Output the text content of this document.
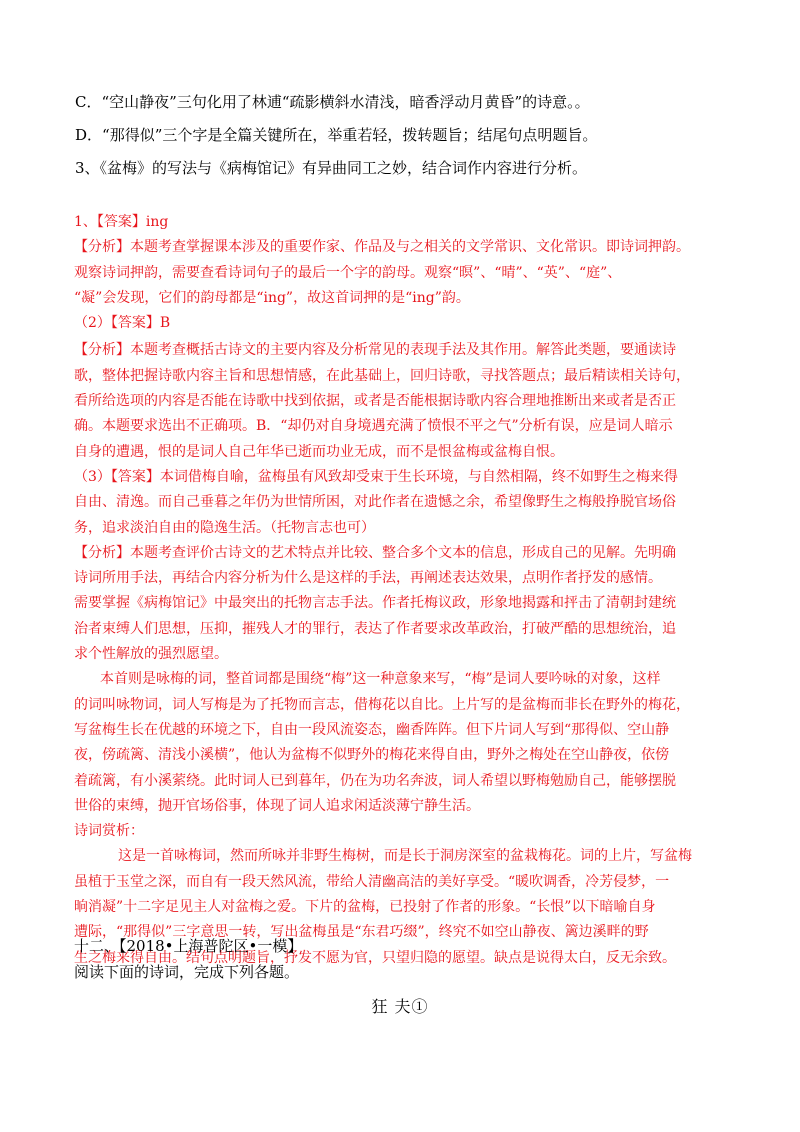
C．“空山静夜”三句化用了林逋“疏影横斜水清浅，暗香浮动月黄昏”的诗意。。

D．“那得似”三个字是全篇关键所在，举重若轻，拨转题旨；结尾句点明题旨。

3、《盆梅》的写法与《病梅馆记》有异曲同工之妙，结合词作内容进行分析。

1、【答案】ing

【分析】本题考查掌握课本涉及的重要作家、作品及与之相关的文学常识、文化常识。即诗词押韵。

观察诗词押韵，需要查看诗词句子的最后一个字的韵母。观察“暝”、“晴”、“英”、“庭”、

“凝”会发现，它们的韵母都是“ing”，故这首词押的是“ing”韵。

（2）【答案】B

【分析】本题考查概括古诗文的主要内容及分析常见的表现手法及其作用。解答此类题，要通读诗

歌，整体把握诗歌内容主旨和思想情感，在此基础上，回归诗歌，寻找答题点；最后精读相关诗句，

看所给选项的内容是否能在诗歌中找到依据，或者是否能根据诗歌内容合理地推断出来或者是否正

确。本题要求选出不正确项。B．“却仍对自身境遇充满了愤恨不平之气”分析有误，应是词人暗示

自身的遭遇，恨的是词人自己年华已逝而功业无成，而不是恨盆梅或盆梅自恨。

（3）【答案】本词借梅自喻，盆梅虽有风致却受束于生长环境，与自然相隔，终不如野生之梅来得

自由、清逸。而自己垂暮之年仍为世情所困，对此作者在遗憾之余，希望像野生之梅般挣脱官场俗

务，追求淡泊自由的隐逸生活。（托物言志也可）

【分析】本题考查评价古诗文的艺术特点并比较、整合多个文本的信息，形成自己的见解。先明确

诗词所用手法，再结合内容分析为什么是这样的手法，再阐述表达效果，点明作者抒发的感情。

需要掌握《病梅馆记》中最突出的托物言志手法。作者托梅议政，形象地揭露和抨击了清朝封建统

治者束缚人们思想，压抑，摧残人才的罪行，表达了作者要求改革政治，打破严酷的思想统治，追

求个性解放的强烈愿望。

本首则是咏梅的词，整首词都是围绕“梅”这一种意象来写，“梅”是词人要吟咏的对象，这样

的词叫咏物词，词人写梅是为了托物而言志，借梅花以自比。上片写的是盆梅而非长在野外的梅花，

写盆梅生长在优越的环境之下，自由一段风流姿态，幽香阵阵。但下片词人写到“那得似、空山静

夜，傍疏篱、清浅小溪横”，他认为盆梅不似野外的梅花来得自由，野外之梅处在空山静夜，依傍

着疏篱，有小溪萦绕。此时词人已到暮年，仍在为功名奔波，词人希望以野梅勉励自己，能够摆脱

世俗的束缚，抛开官场俗事，体现了词人追求闲适淡薄宁静生活。

诗词赏析：

这是一首咏梅词，然而所咏并非野生梅树，而是长于洞房深室的盆栽梅花。词的上片，写盆梅

虽植于玉堂之深，而自有一段天然风流，带给人清幽高洁的美好享受。“暖吹调香，冷芳侵梦，一

晌消凝”十二字足见主人对盆梅之爱。下片的盆梅，已投射了作者的形象。“长恨”以下暗喻自身

遭际，“那得似”三字意思一转，写出盆梅虽是“东君巧缀”，终究不如空山静夜、篱边溪畔的野

生之梅来得自由。结句点明题旨，抒发不愿为官，只望归隐的愿望。缺点是说得太白，反无余致。

十二、【2018•上海普陀区•一模】

阅读下面的诗词，完成下列各题。

狂 夫①
